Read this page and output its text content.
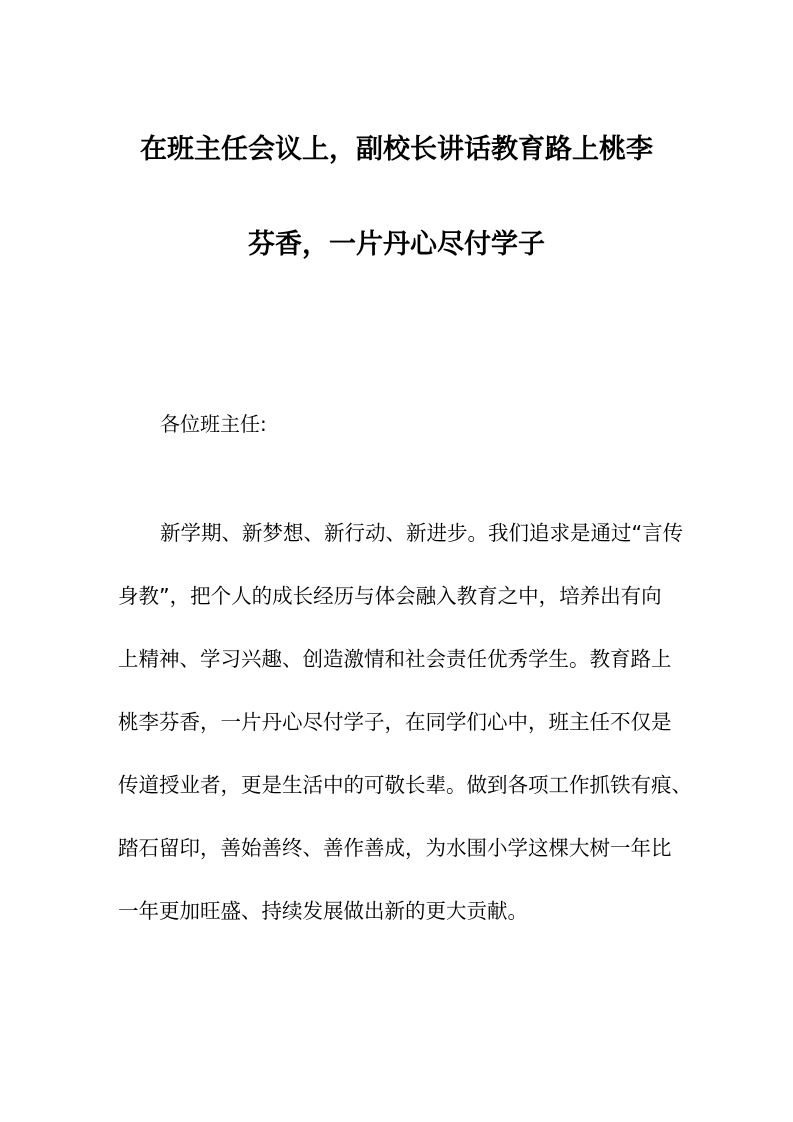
在班主任会议上，副校长讲话教育路上桃李
芬香，一片丹心尽付学子
各位班主任:
新学期、新梦想、新行动、新进步。我们追求是通过“言传
身教”，把个人的成长经历与体会融入教育之中，培养出有向
上精神、学习兴趣、创造激情和社会责任优秀学生。教育路上
桃李芬香，一片丹心尽付学子，在同学们心中，班主任不仅是
传道授业者，更是生活中的可敬长辈。做到各项工作抓铁有痕、
踏石留印，善始善终、善作善成，为水围小学这棵大树一年比
一年更加旺盛、持续发展做出新的更大贡献。
